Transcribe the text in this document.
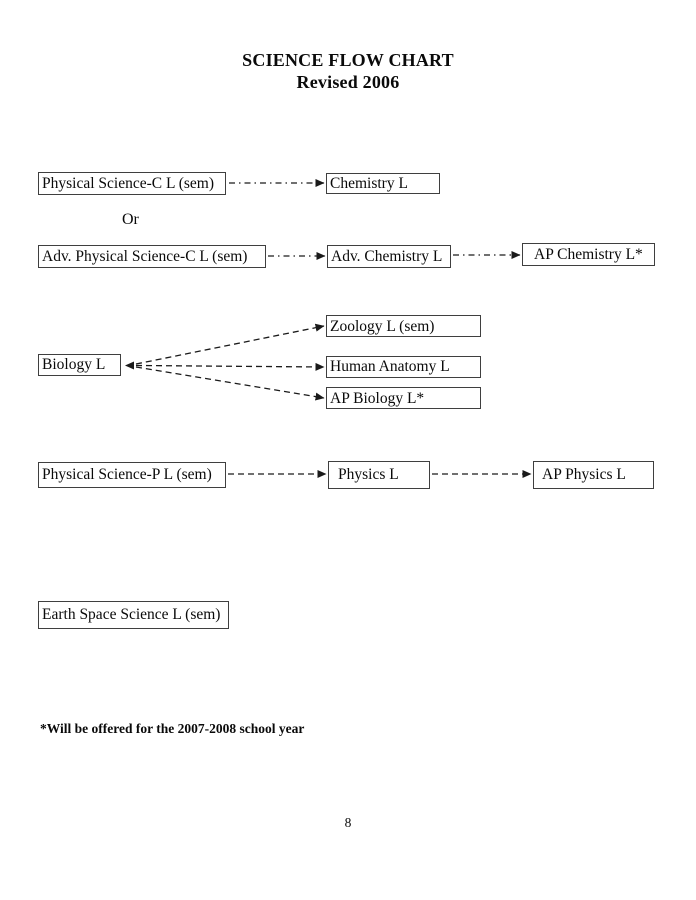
SCIENCE FLOW CHART
Revised 2006
Physical Science-C L (sem)	Chemistry L
Or
Adv. Physical Science-C L (sem)	Adv. Chemistry L	AP Chemistry L*
Zoology L (sem)
Biology L	Human Anatomy L
AP Biology L*
Physical Science-P L (sem)	Physics L	AP Physics L
Earth Space Science L (sem)
*Will be offered for the 2007-2008 school year
8
